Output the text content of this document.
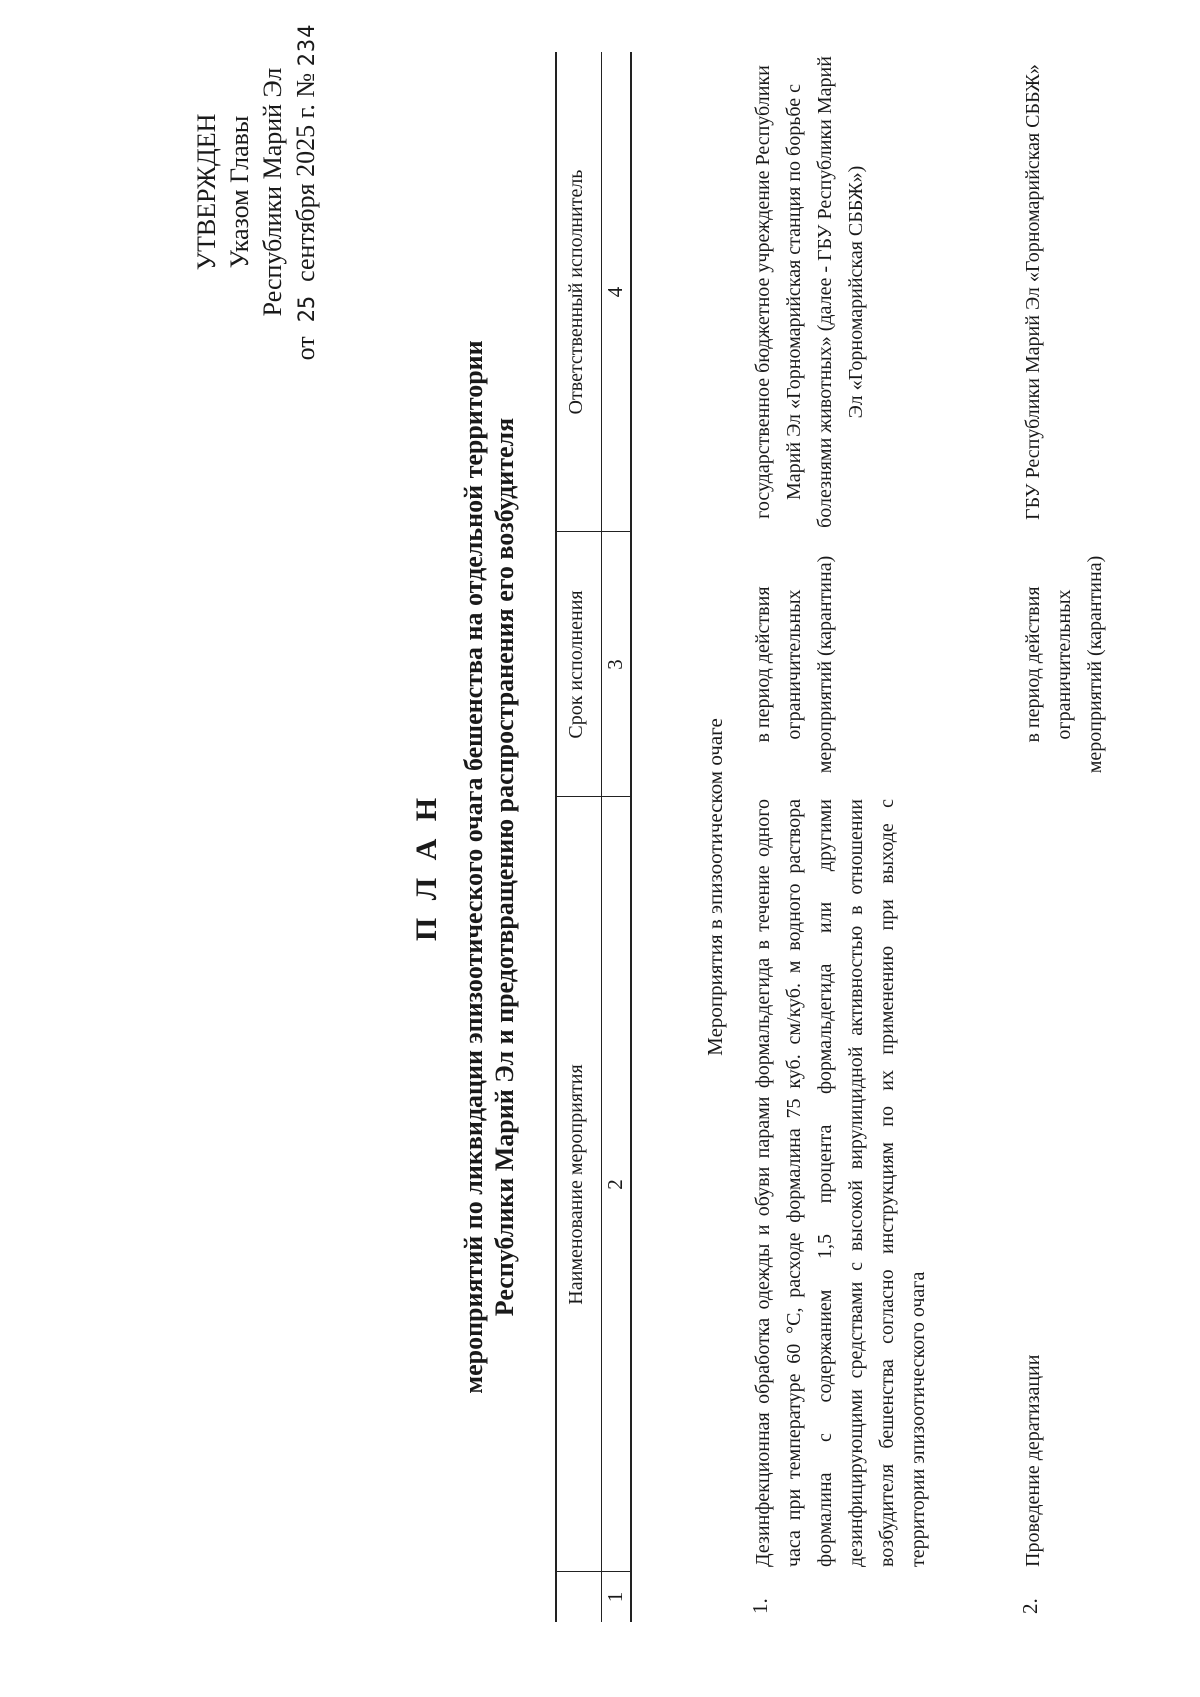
УТВЕРЖДЕН Указом Главы Республики Марий Эл
от25сентября 2025 г. № 234
П Л А Н мероприятий по ликвидации эпизоотического очага бешенства на отдельной территории Республики Марий Эл и предотвращению распространения его возбудителя Наименование мероприятия
Срок исполнения
Ответственный исполнитель
1
2
3
4
Мероприятия в эпизоотическом очаге
1.
Дезинфекционная обработка одежды и обуви парами формальдегида в течение одного часа при температуре 60 °С, расходе формалина 75 куб. см/куб. м водного раствора формалина с содержанием 1,5 процента формальдегида или другими дезинфицирующими средствами с высокой вирулицидной активностью в отношении возбудителя бешенства согласно инструкциям по их применению при выходе с территории эпизоотического очага
в период действия ограничительных мероприятий (карантина)
государственное бюджетное учреждение Республики Марий Эл «Горномарийская станция по борьбе с болезнями животных» (далее - ГБУ Республики Марий Эл «Горномарийская СББЖ»)
2.
Проведение дератизации
в период действия ограничительных мероприятий (карантина)
ГБУ Республики Марий Эл «Горномарийская СББЖ»
